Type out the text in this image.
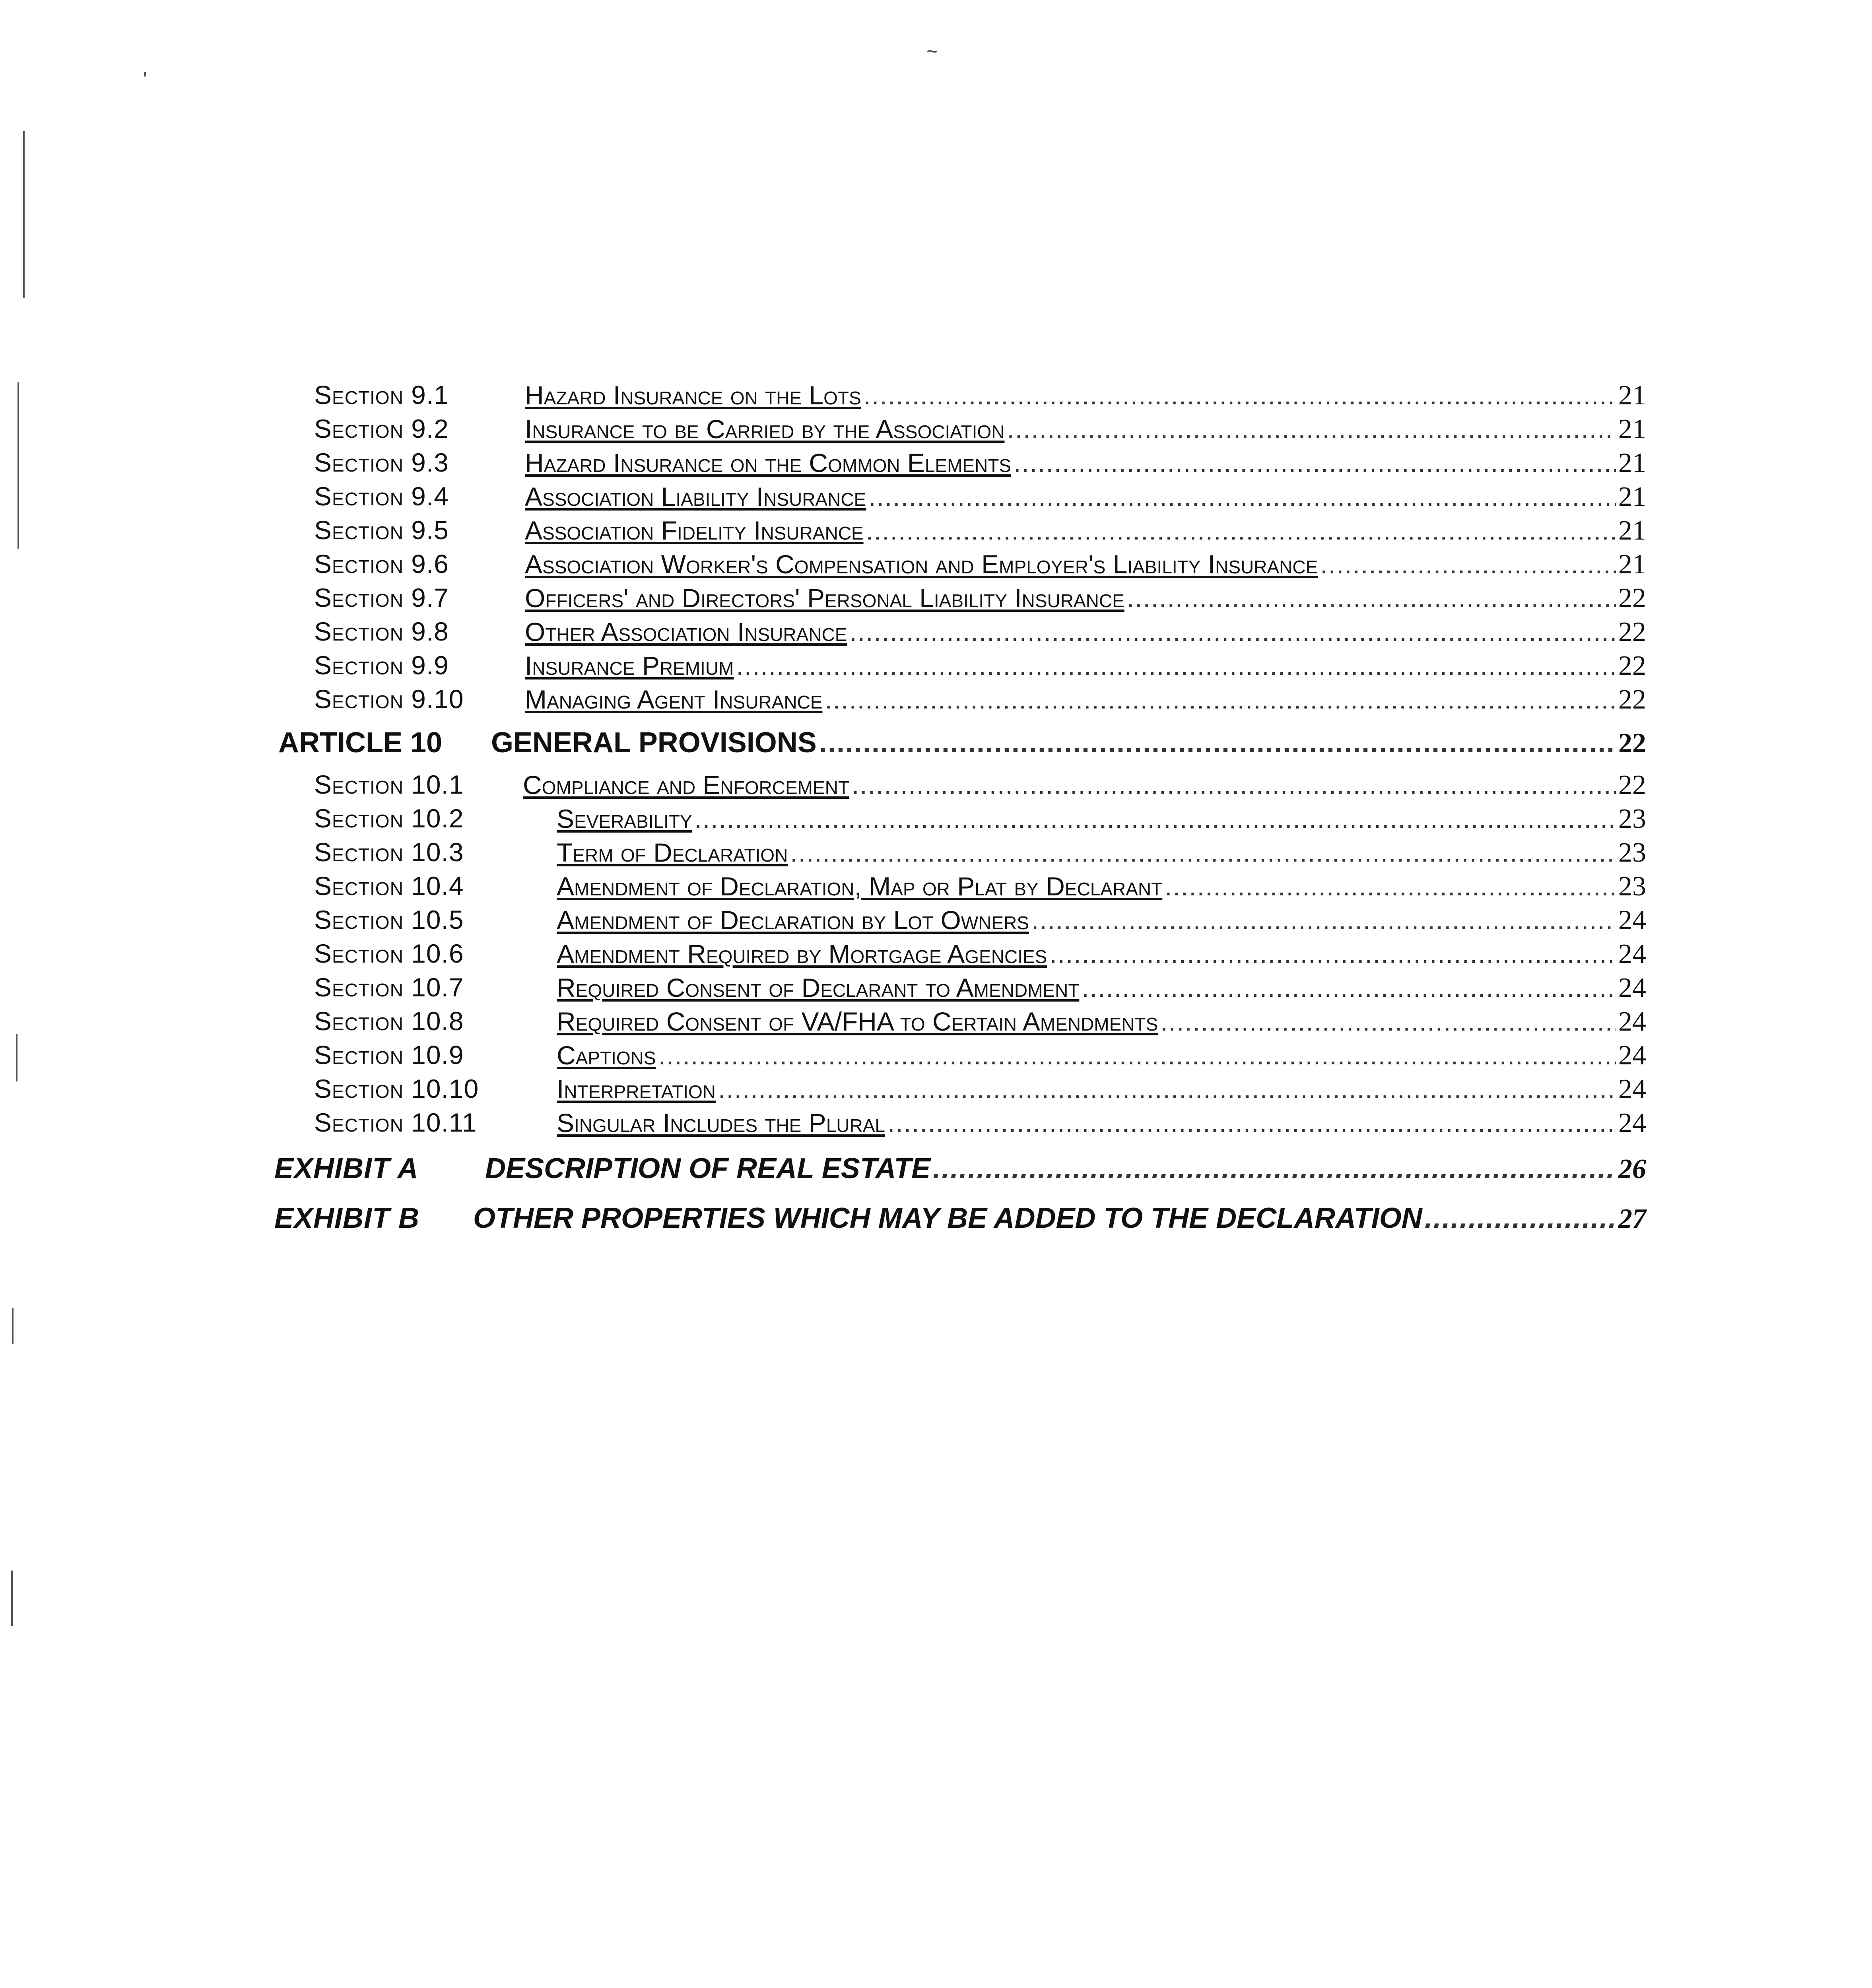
'
~
Section 9.1	Hazard Insurance on the Lots .....	21
Section 9.2	Insurance to be Carried by the Association .....	21
Section 9.3	Hazard Insurance on the Common Elements .....	21
Section 9.4	Association Liability Insurance .....	21
Section 9.5	Association Fidelity Insurance .....	21
Section 9.6	Association Worker's Compensation and Employer's Liability Insurance .....	21
Section 9.7	Officers' and Directors' Personal Liability Insurance .....	22
Section 9.8	Other Association Insurance .....	22
Section 9.9	Insurance Premium .....	22
Section 9.10 Managing Agent Insurance .....	22
ARTICLE 10 GENERAL PROVISIONS .....	22
Section 10.1 Compliance and Enforcement .....	22
Section 10.2	Severability .....	23
Section 10.3	Term of Declaration .....	23
Section 10.4	Amendment of Declaration, Map or Plat by Declarant .....	23
Section 10.5	Amendment of Declaration by Lot Owners .....	24
Section 10.6	Amendment Required by Mortgage Agencies .....	24
Section 10.7	Required Consent of Declarant to Amendment .....	24
Section 10.8	Required Consent of VA/FHA to Certain Amendments .....	24
Section 10.9	Captions .....	24
Section 10.10	Interpretation .....	24
Section 10.11	Singular Includes the Plural .....	24
EXHIBIT A DESCRIPTION OF REAL ESTATE .....	26
EXHIBIT B OTHER PROPERTIES WHICH MAY BE ADDED TO THE DECLARATION .....	27
